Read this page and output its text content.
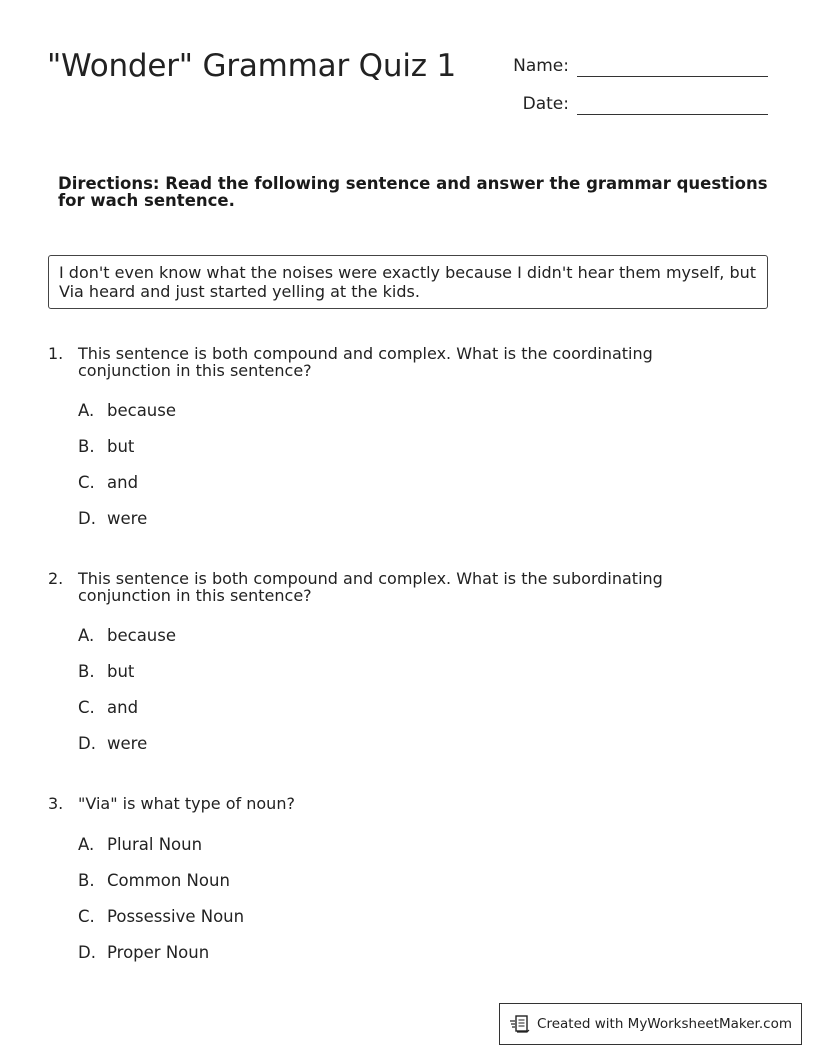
"Wonder" Grammar Quiz 1	Name:
Date:
Directions: Read the following sentence and answer the grammar questions for wach sentence.
I don't even know what the noises were exactly because I didn't hear them myself, but Via heard and just started yelling at the kids.
1. This sentence is both compound and complex. What is the coordinating conjunction in this sentence?
A. because
B. but
C. and
D. were
2. This sentence is both compound and complex. What is the subordinating conjunction in this sentence?
A. because
B. but
C. and
D. were
3. "Via" is what type of noun?
A. Plural Noun
B. Common Noun
C. Possessive Noun
D. Proper Noun
Created with MyWorksheetMaker.com
